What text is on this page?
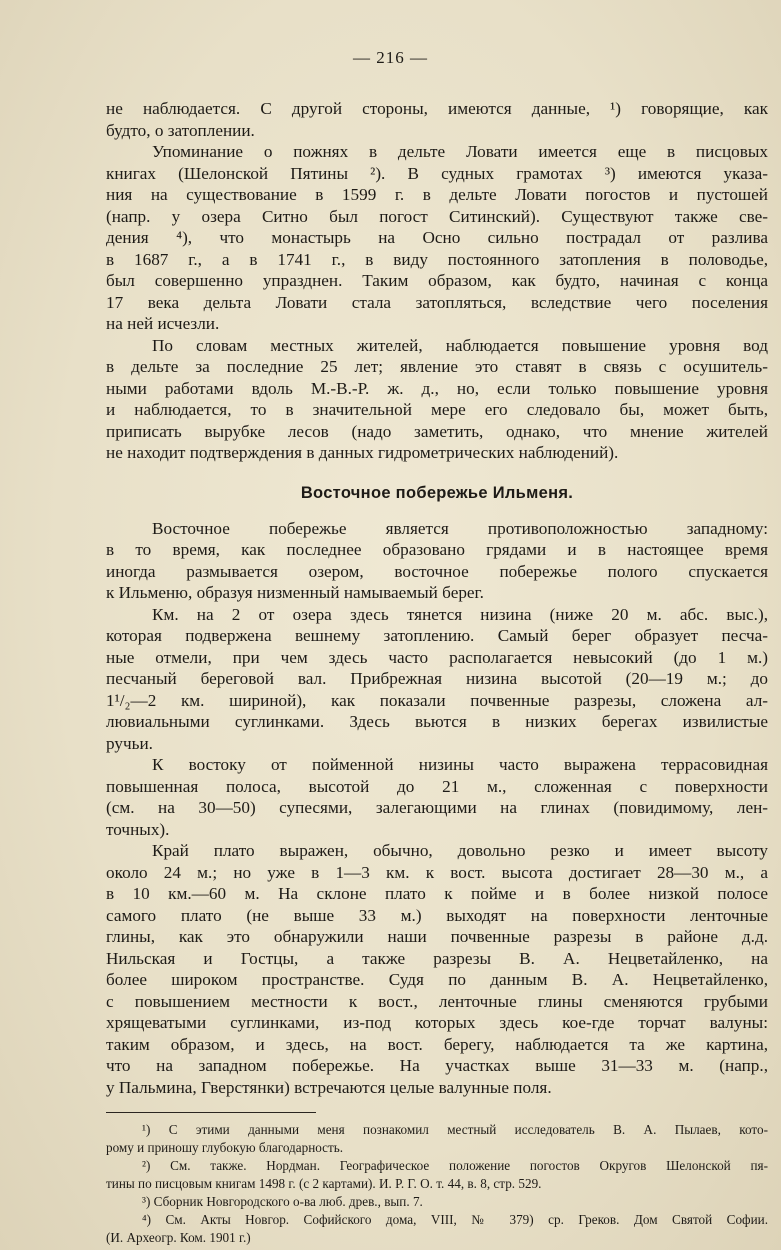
— 216 —
не наблюдается. С другой стороны, имеются данные, ¹) говорящие, как
будто, о затоплении.
Упоминание о пожнях в дельте Ловати имеется еще в писцовых
книгах (Шелонской Пятины ²). В судных грамотах ³) имеются указа-
ния на существование в 1599 г. в дельте Ловати погостов и пустошей
(напр. у озера Ситно был погост Ситинский). Существуют также све-
дения ⁴), что монастырь на Осно сильно пострадал от разлива
в 1687 г., а в 1741 г., в виду постоянного затопления в половодье,
был совершенно упразднен. Таким образом, как будто, начиная с конца
17 века дельта Ловати стала затопляться, вследствие чего поселения
на ней исчезли.
По словам местных жителей, наблюдается повышение уровня вод
в дельте за последние 25 лет; явление это ставят в связь с осушитель-
ными работами вдоль М.-В.-Р. ж. д., но, если только повышение уровня
и наблюдается, то в значительной мере его следовало бы, может быть,
приписать вырубке лесов (надо заметить, однако, что мнение жителей
не находит подтверждения в данных гидрометрических наблюдений).
Восточное побережье Ильменя.
Восточное побережье является противоположностью западному:
в то время, как последнее образовано грядами и в настоящее время
иногда размывается озером, восточное побережье полого спускается
к Ильменю, образуя низменный намываемый берег.
Км. на 2 от озера здесь тянется низина (ниже 20 м. абс. выс.),
которая подвержена вешнему затоплению. Самый берег образует песча-
ные отмели, при чем здесь часто располагается невысокий (до 1 м.)
песчаный береговой вал. Прибрежная низина высотой (20—19 м.; до
1¹/₂—2 км. шириной), как показали почвенные разрезы, сложена ал-
лювиальными суглинками. Здесь вьются в низких берегах извилистые
ручьи.
К востоку от пойменной низины часто выражена террасовидная
повышенная полоса, высотой до 21 м., сложенная с поверхности
(см. на 30—50) супесями, залегающими на глинах (повидимому, лен-
точных).
Край плато выражен, обычно, довольно резко и имеет высоту
около 24 м.; но уже в 1—3 км. к вост. высота достигает 28—30 м., а
в 10 км.—60 м. На склоне плато к пойме и в более низкой полосе
самого плато (не выше 33 м.) выходят на поверхности ленточные
глины, как это обнаружили наши почвенные разрезы в районе д.д.
Нильская и Гостцы, а также разрезы В. А. Нецветайленко, на
более широком пространстве. Судя по данным В. А. Нецветайленко,
с повышением местности к вост., ленточные глины сменяются грубыми
хрящеватыми суглинками, из-под которых здесь кое-где торчат валуны:
таким образом, и здесь, на вост. берегу, наблюдается та же картина,
что на западном побережье. На участках выше 31—33 м. (напр.,
у Пальмина, Гверстянки) встречаются целые валунные поля.
¹) С этими данными меня познакомил местный исследователь В. А. Пылаев, кото-
рому и приношу глубокую благодарность.
²) См. также. Нордман. Географическое положение погостов Округов Шелонской пя-
тины по писцовым книгам 1498 г. (с 2 картами). И. Р. Г. О. т. 44, в. 8, стр. 529.
³) Сборник Новгородского о-ва люб. древ., вып. 7.
⁴) См. Акты Новгор. Софийского дома, VIII, № 379) ср. Греков. Дом Святой Софии.
(И. Археогр. Ком. 1901 г.)
